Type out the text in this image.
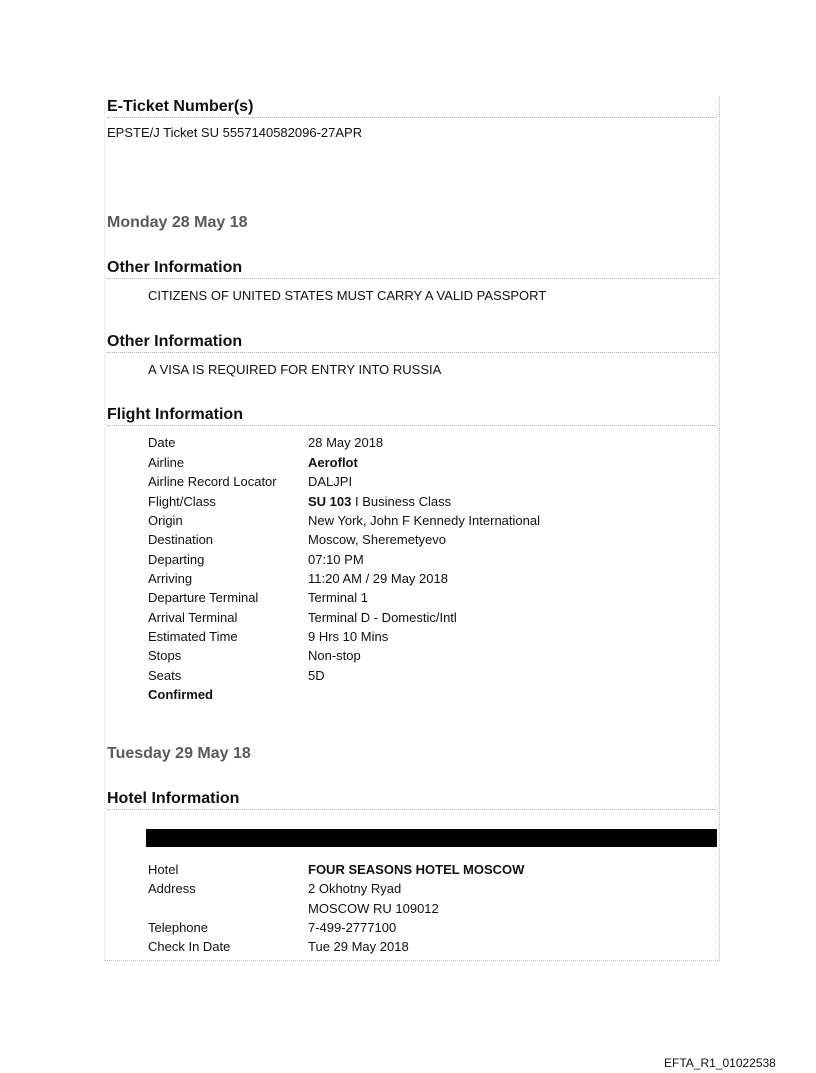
E-Ticket Number(s)
EPSTE/J Ticket SU 5557140582096-27APR
Monday 28 May 18
Other Information
CITIZENS OF UNITED STATES MUST CARRY A VALID PASSPORT
Other Information
A VISA IS REQUIRED FOR ENTRY INTO RUSSIA
Flight Information
Date	28 May 2018
Airline	Aeroflot
Airline Record Locator DALJPI
Flight/Class	SU 103 I Business Class
Origin	New York, John F Kennedy International
Destination	Moscow, Sheremetyevo
Departing	07:10 PM
Arriving	11:20 AM / 29 May 2018
Departure Terminal	Terminal 1
Arrival Terminal	Terminal D - Domestic/Intl
Estimated Time	9 Hrs 10 Mins
Stops	Non-stop
Seats	5D
Confirmed
Tuesday 29 May 18
Hotel Information
Hotel	FOUR SEASONS HOTEL MOSCOW
Address	2 Okhotny Ryad
MOSCOW RU 109012
Telephone	7-499-2777100
Check In Date	Tue 29 May 2018
EFTA_R1_01022538
